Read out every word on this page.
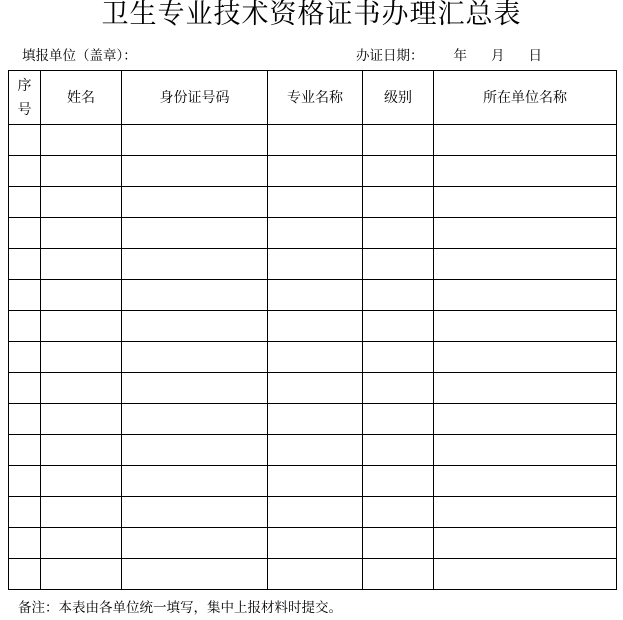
卫生专业技术资格证书办理汇总表
填报单位（盖章）：	办证日期： 年 月 日
序
号	姓名	身份证号码	专业名称	级别	所在单位名称

备注：本表由各单位统一填写，集中上报材料时提交。
